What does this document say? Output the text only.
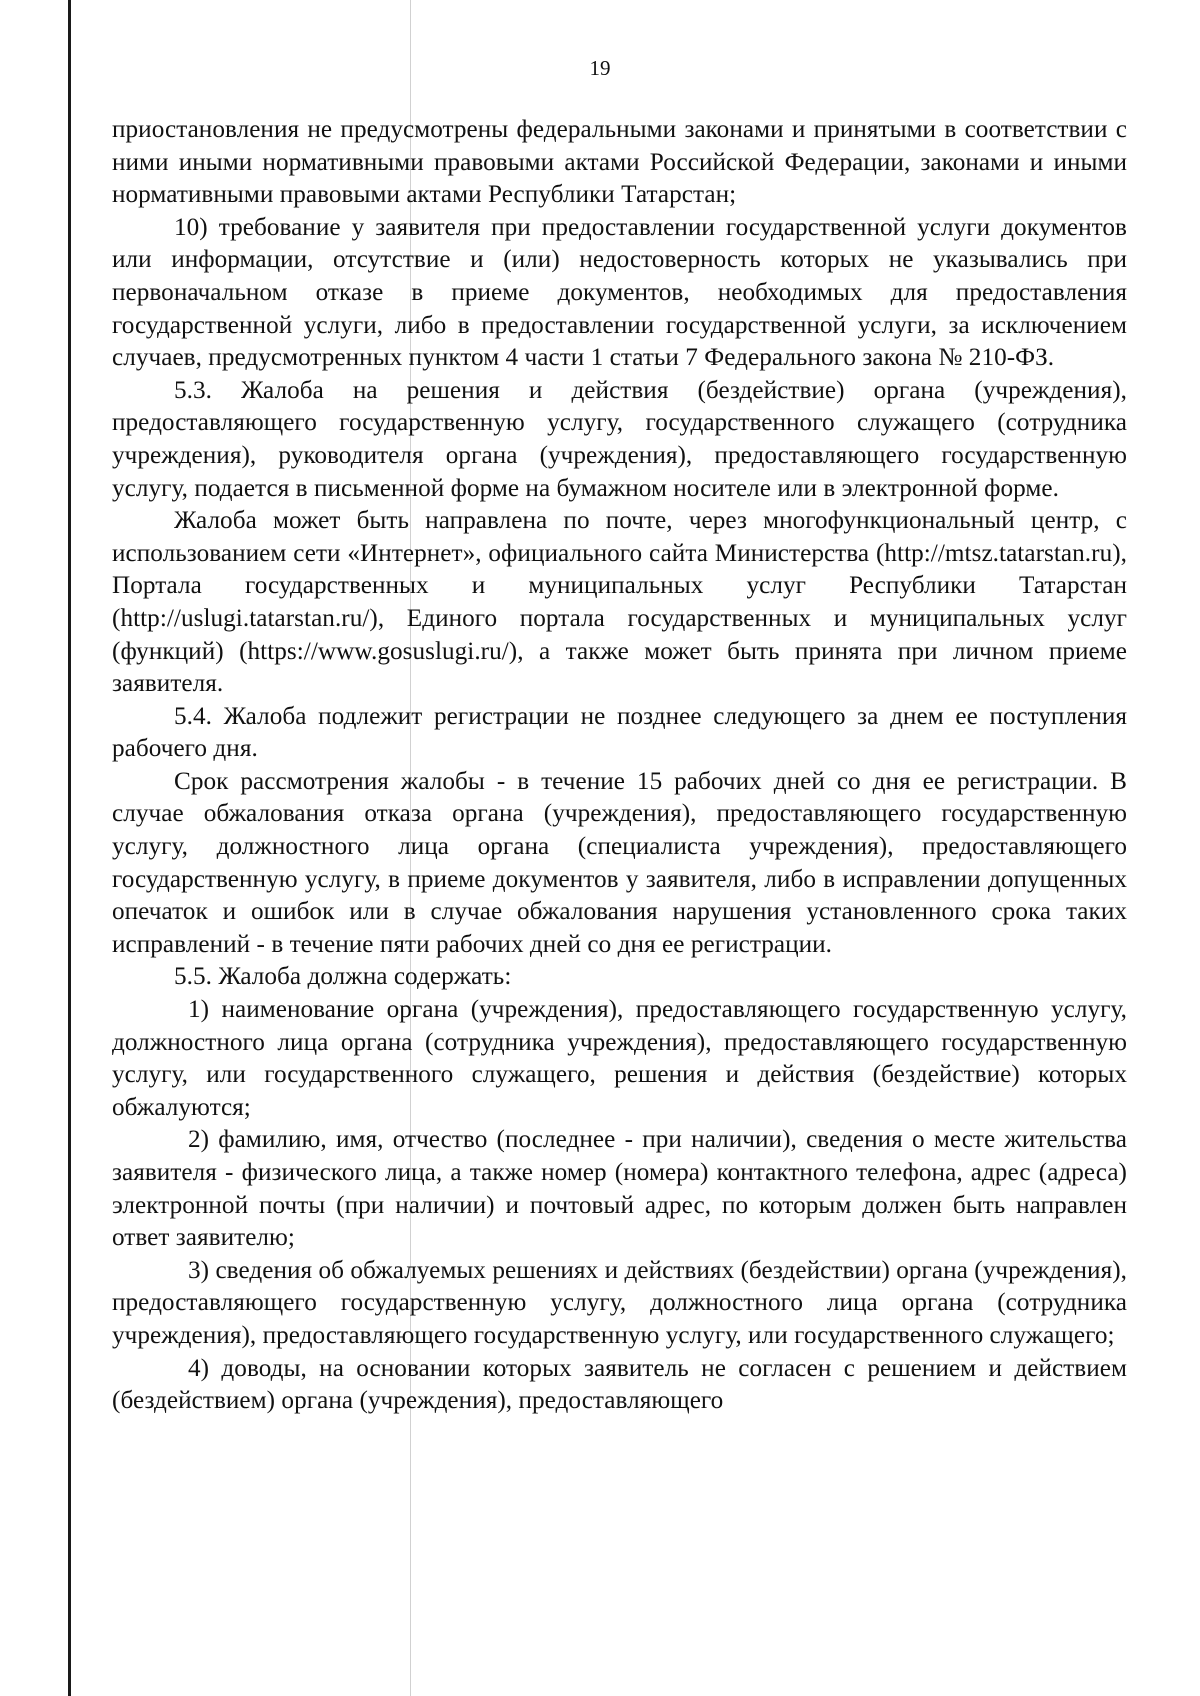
19

приостановления не предусмотрены федеральными законами и принятыми в соответствии с ними иными нормативными правовыми актами Российской Федерации, законами и иными нормативными правовыми актами Республики Татарстан;

10) требование у заявителя при предоставлении государственной услуги документов или информации, отсутствие и (или) недостоверность которых не указывались при первоначальном отказе в приеме документов, необходимых для предоставления государственной услуги, либо в предоставлении государственной услуги, за исключением случаев, предусмотренных пунктом 4 части 1 статьи 7 Федерального закона № 210-ФЗ.

5.3. Жалоба на решения и действия (бездействие) органа (учреждения), предоставляющего государственную услугу, государственного служащего (сотрудника учреждения), руководителя органа (учреждения), предоставляющего государственную услугу, подается в письменной форме на бумажном носителе или в электронной форме.

Жалоба может быть направлена по почте, через многофункциональный центр, с использованием сети «Интернет», официального сайта Министерства (http://mtsz.tatarstan.ru), Портала государственных и муниципальных услуг Республики Татарстан (http://uslugi.tatarstan.ru/), Единого портала государственных и муниципальных услуг (функций) (https://www.gosuslugi.ru/), а также может быть принята при личном приеме заявителя.

5.4. Жалоба подлежит регистрации не позднее следующего за днем ее поступления рабочего дня.

Срок рассмотрения жалобы - в течение 15 рабочих дней со дня ее регистрации. В случае обжалования отказа органа (учреждения), предоставляющего государственную услугу, должностного лица органа (специалиста учреждения), предоставляющего государственную услугу, в приеме документов у заявителя, либо в исправлении допущенных опечаток и ошибок или в случае обжалования нарушения установленного срока таких исправлений - в течение пяти рабочих дней со дня ее регистрации.

5.5. Жалоба должна содержать:

1) наименование органа (учреждения), предоставляющего государственную услугу, должностного лица органа (сотрудника учреждения), предоставляющего государственную услугу, или государственного служащего, решения и действия (бездействие) которых обжалуются;

2) фамилию, имя, отчество (последнее - при наличии), сведения о месте жительства заявителя - физического лица, а также номер (номера) контактного телефона, адрес (адреса) электронной почты (при наличии) и почтовый адрес, по которым должен быть направлен ответ заявителю;

3) сведения об обжалуемых решениях и действиях (бездействии) органа (учреждения), предоставляющего государственную услугу, должностного лица органа (сотрудника учреждения), предоставляющего государственную услугу, или государственного служащего;

4) доводы, на основании которых заявитель не согласен с решением и действием (бездействием) органа (учреждения), предоставляющего
